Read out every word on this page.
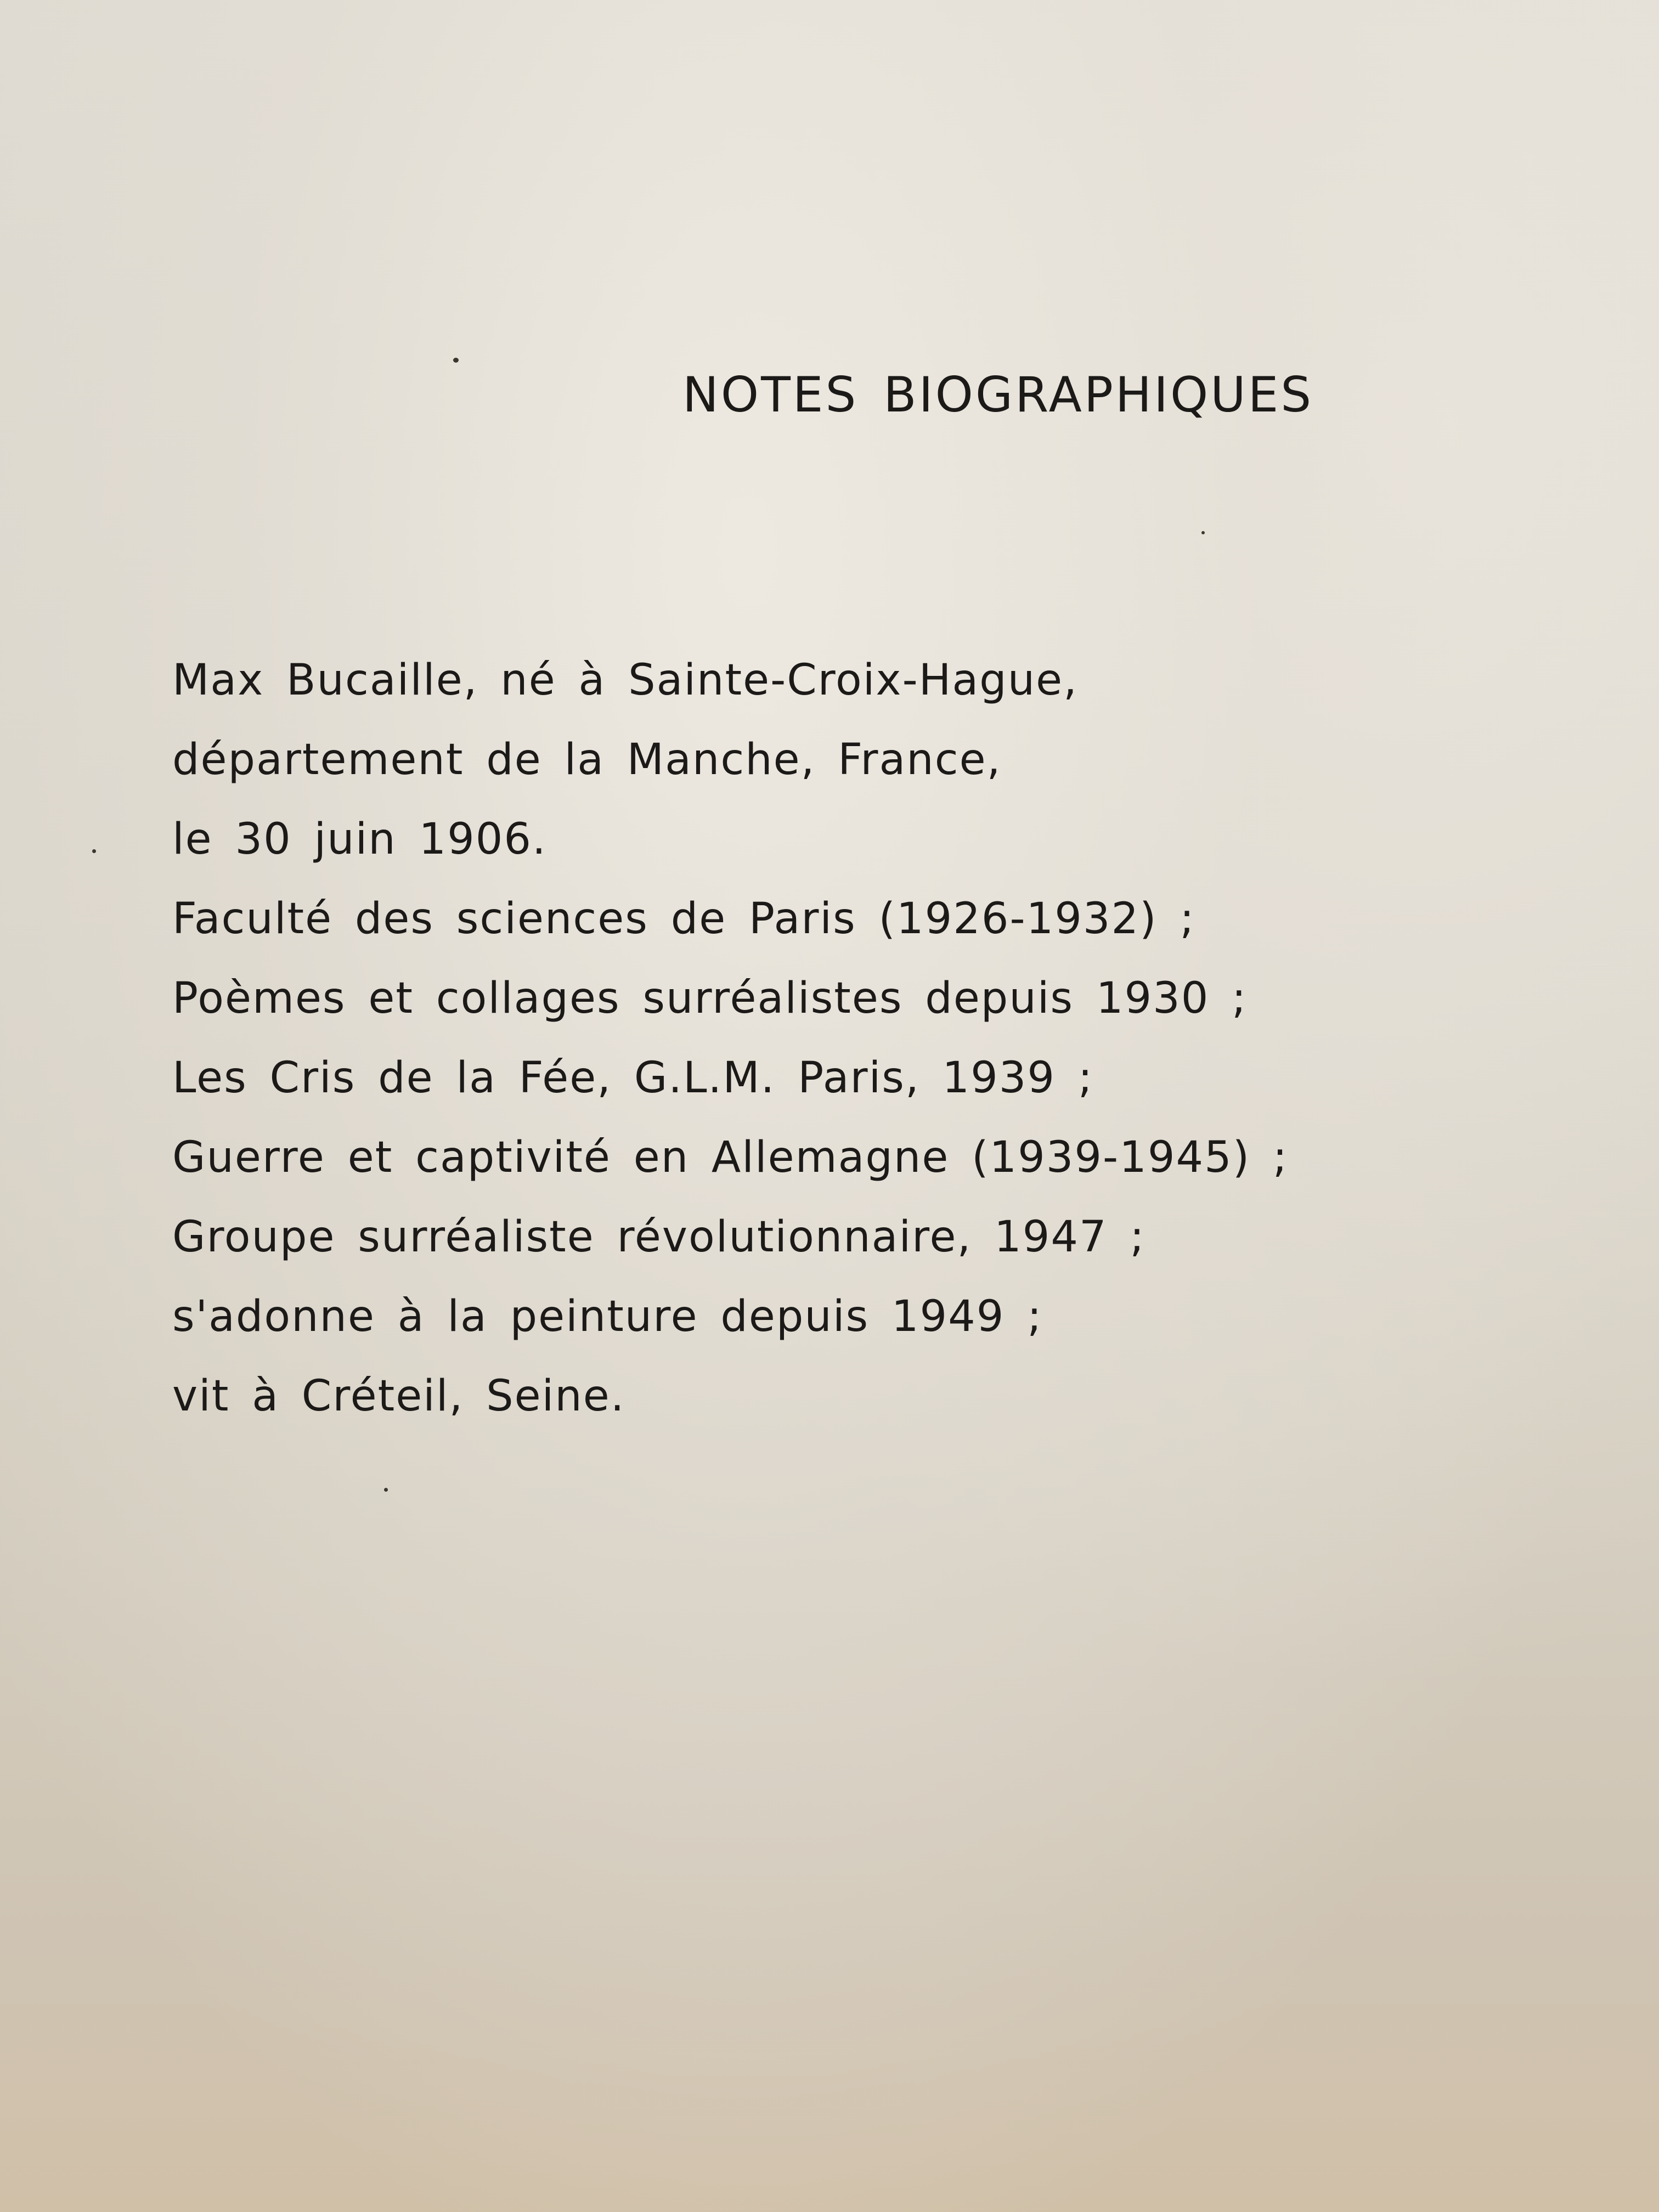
NOTES BIOGRAPHIQUES
Max Bucaille, né à Sainte-Croix-Hague,
département de la Manche, France,
le 30 juin 1906.
Faculté des sciences de Paris (1926-1932) ;
Poèmes et collages surréalistes depuis 1930 ;
Les Cris de la Fée, G.L.M. Paris, 1939 ;
Guerre et captivité en Allemagne (1939-1945) ;
Groupe surréaliste révolutionnaire, 1947 ;
s'adonne à la peinture depuis 1949 ;
vit à Créteil, Seine.
